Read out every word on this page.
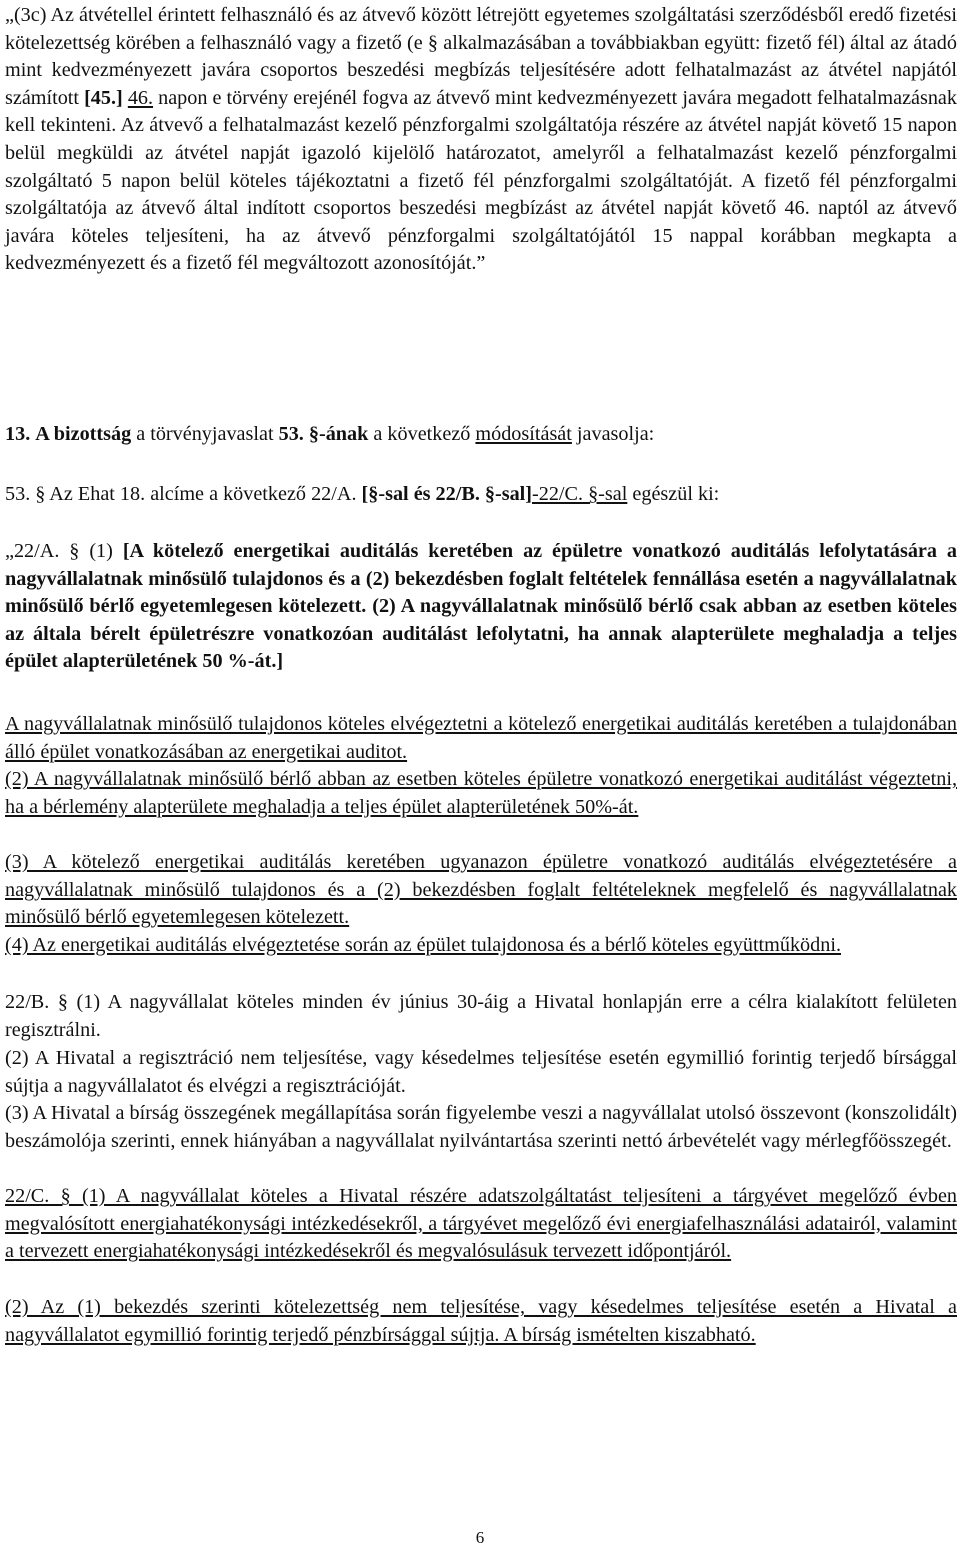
„(3c) Az átvétellel érintett felhasználó és az átvevő között létrejött egyetemes szolgáltatási szerződésből eredő fizetési kötelezettség körében a felhasználó vagy a fizető (e § alkalmazásában a továbbiakban együtt: fizető fél) által az átadó mint kedvezményezett javára csoportos beszedési megbízás teljesítésére adott felhatalmazást az átvétel napjától számított [45.] 46. napon e törvény erejénél fogva az átvevő mint kedvezményezett javára megadott felhatalmazásnak kell tekinteni. Az átvevő a felhatalmazást kezelő pénzforgalmi szolgáltatója részére az átvétel napját követő 15 napon belül megküldi az átvétel napját igazoló kijelölő határozatot, amelyről a felhatalmazást kezelő pénzforgalmi szolgáltató 5 napon belül köteles tájékoztatni a fizető fél pénzforgalmi szolgáltatóját. A fizető fél pénzforgalmi szolgáltatója az átvevő által indított csoportos beszedési megbízást az átvétel napját követő 46. naptól az átvevő javára köteles teljesíteni, ha az átvevő pénzforgalmi szolgáltatójától 15 nappal korábban megkapta a kedvezményezett és a fizető fél megváltozott azonosítóját.”

13. A bizottság a törvényjavaslat 53. §-ának a következő módosítását javasolja:

53. § Az Ehat 18. alcíme a következő 22/A. [§-sal és 22/B. §-sal]-22/C. §-sal egészül ki:

„22/A. § (1) [A kötelező energetikai auditálás keretében az épületre vonatkozó auditálás lefolytatására a nagyvállalatnak minősülő tulajdonos és a (2) bekezdésben foglalt feltételek fennállása esetén a nagyvállalatnak minősülő bérlő egyetemlegesen kötelezett. (2) A nagyvállalatnak minősülő bérlő csak abban az esetben köteles az általa bérelt épületrészre vonatkozóan auditálást lefolytatni, ha annak alapterülete meghaladja a teljes épület alapterületének 50 %-át.]

A nagyvállalatnak minősülő tulajdonos köteles elvégeztetni a kötelező energetikai auditálás keretében a tulajdonában álló épület vonatkozásában az energetikai auditot.

(2) A nagyvállalatnak minősülő bérlő abban az esetben köteles épületre vonatkozó energetikai auditálást végeztetni, ha a bérlemény alapterülete meghaladja a teljes épület alapterületének 50%-át.

(3) A kötelező energetikai auditálás keretében ugyanazon épületre vonatkozó auditálás elvégeztetésére a nagyvállalatnak minősülő tulajdonos és a (2) bekezdésben foglalt feltételeknek megfelelő és nagyvállalatnak minősülő bérlő egyetemlegesen kötelezett.

(4) Az energetikai auditálás elvégeztetése során az épület tulajdonosa és a bérlő köteles együttműködni.

22/B. § (1) A nagyvállalat köteles minden év június 30-áig a Hivatal honlapján erre a célra kialakított felületen regisztrálni.

(2) A Hivatal a regisztráció nem teljesítése, vagy késedelmes teljesítése esetén egymillió forintig terjedő bírsággal sújtja a nagyvállalatot és elvégzi a regisztrációját.

(3) A Hivatal a bírság összegének megállapítása során figyelembe veszi a nagyvállalat utolsó összevont (konszolidált) beszámolója szerinti, ennek hiányában a nagyvállalat nyilvántartása szerinti nettó árbevételét vagy mérlegfőösszegét.

22/C. § (1) A nagyvállalat köteles a Hivatal részére adatszolgáltatást teljesíteni a tárgyévet megelőző évben megvalósított energiahatékonysági intézkedésekről, a tárgyévet megelőző évi energiafelhasználási adatairól, valamint a tervezett energiahatékonysági intézkedésekről és megvalósulásuk tervezett időpontjáról.

(2) Az (1) bekezdés szerinti kötelezettség nem teljesítése, vagy késedelmes teljesítése esetén a Hivatal a nagyvállalatot egymillió forintig terjedő pénzbírsággal sújtja. A bírság ismételten kiszabható.

6
